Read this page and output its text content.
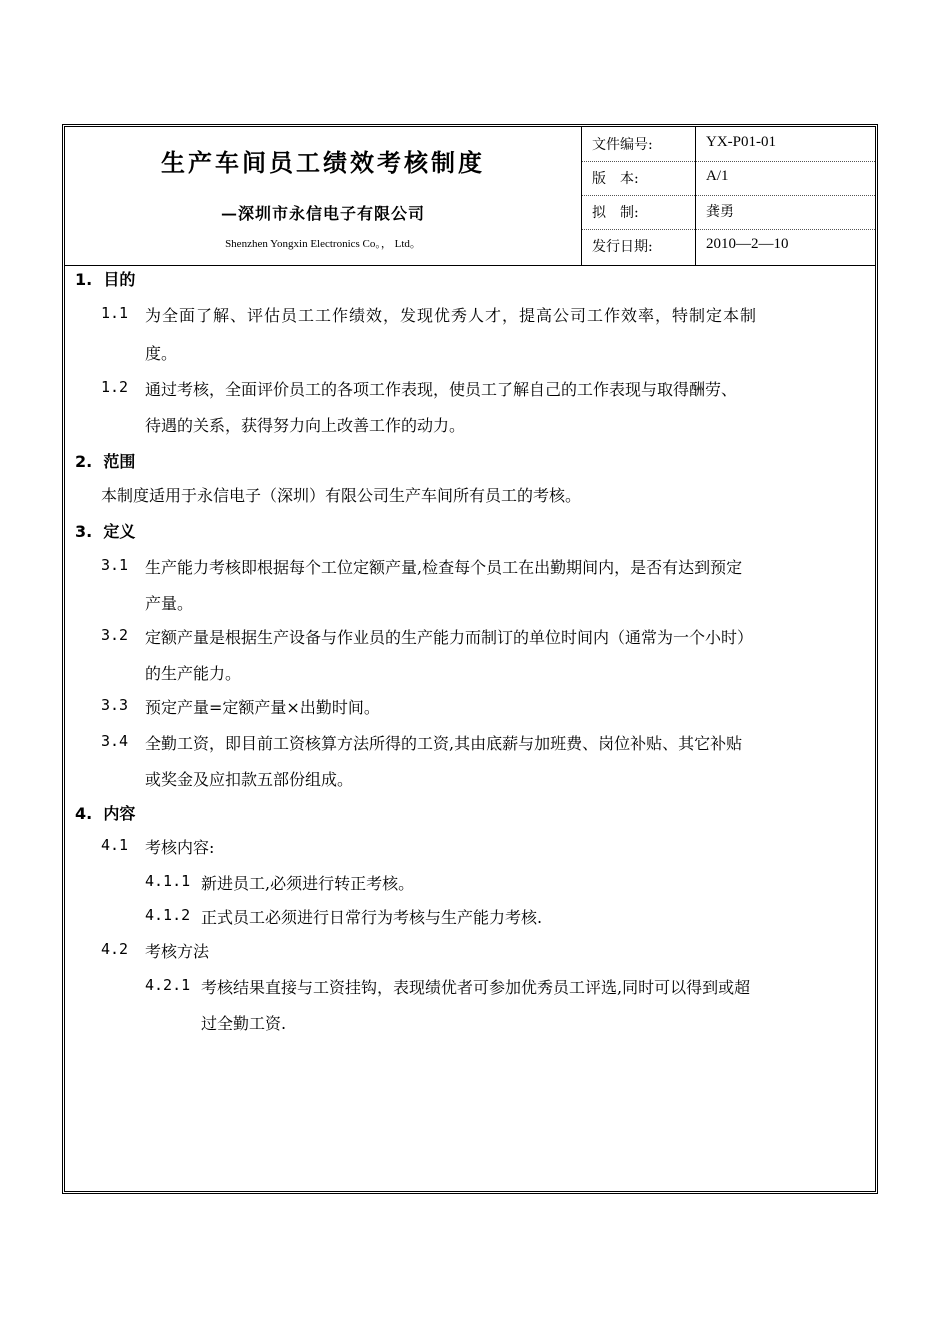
生产车间员工绩效考核制度
—深圳市永信电子有限公司
Shenzhen Yongxin Electronics Co。， Ltd。
文件编号:	YX-P01-01
版　本:	A/1
拟　制:	龚勇
发行日期:	2010—2—10
1. 目的
1.1 为全面了解、评估员工工作绩效，发现优秀人才，提高公司工作效率，特制定本制
度。
1.2 通过考核，全面评价员工的各项工作表现，使员工了解自己的工作表现与取得酬劳、
待遇的关系，获得努力向上改善工作的动力。
2. 范围
本制度适用于永信电子（深圳）有限公司生产车间所有员工的考核。
3. 定义
3.1 生产能力考核即根据每个工位定额产量,检查每个员工在出勤期间内，是否有达到预定
产量。
3.2 定额产量是根据生产设备与作业员的生产能力而制订的单位时间内（通常为一个小时）
的生产能力。
3.3 预定产量=定额产量×出勤时间。
3.4 全勤工资，即目前工资核算方法所得的工资,其由底薪与加班费、岗位补贴、其它补贴
或奖金及应扣款五部份组成。
4. 内容
4.1 考核内容:
4.1.1 新进员工,必须进行转正考核。
4.1.2 正式员工必须进行日常行为考核与生产能力考核.
4.2 考核方法
4.2.1 考核结果直接与工资挂钩，表现绩优者可参加优秀员工评选,同时可以得到或超
过全勤工资.
